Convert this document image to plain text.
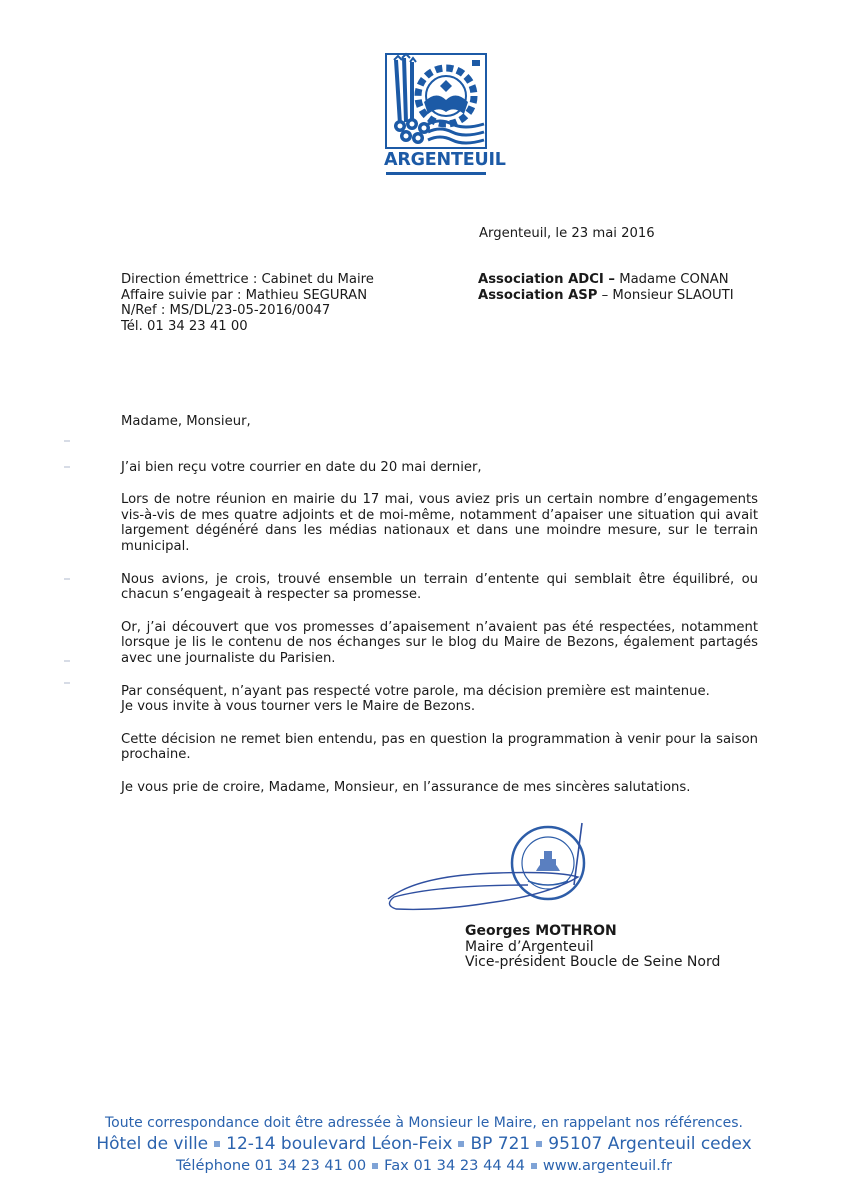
ARGENTEUIL
Argenteuil, le 23 mai 2016
Direction émettrice : Cabinet du Maire
Affaire suivie par : Mathieu SEGURAN
N/Ref : MS/DL/23-05-2016/0047
Tél. 01 34 23 41 00
Association ADCI – Madame CONAN
Association ASP – Monsieur SLAOUTI

Madame, Monsieur,

J’ai bien reçu votre courrier en date du 20 mai dernier,

Lors de notre réunion en mairie du 17 mai, vous aviez pris un certain nombre d’engagements vis-à-vis de mes quatre adjoints et de moi-même, notamment d’apaiser une situation qui avait largement dégénéré dans les médias nationaux et dans une moindre mesure, sur le terrain municipal.

Nous avions, je crois, trouvé ensemble un terrain d’entente qui semblait être équilibré, ou chacun s’engageait à respecter sa promesse.

Or, j’ai découvert que vos promesses d’apaisement n’avaient pas été respectées, notamment lorsque je lis le contenu de nos échanges sur le blog du Maire de Bezons, également partagés avec une journaliste du Parisien.

Par conséquent, n’ayant pas respecté votre parole, ma décision première est maintenue.

Je vous invite à vous tourner vers le Maire de Bezons.

Cette décision ne remet bien entendu, pas en question la programmation à venir pour la saison prochaine.

Je vous prie de croire, Madame, Monsieur, en l’assurance de mes sincères salutations.

Georges MOTHRON
Maire d’Argenteuil
Vice-président Boucle de Seine Nord
Toute correspondance doit être adressée à Monsieur le Maire, en rappelant nos références.
Hôtel de ville 12-14 boulevard Léon-Feix BP 721 95107 Argenteuil cedex
Téléphone 01 34 23 41 00 Fax 01 34 23 44 44 www.argenteuil.fr
